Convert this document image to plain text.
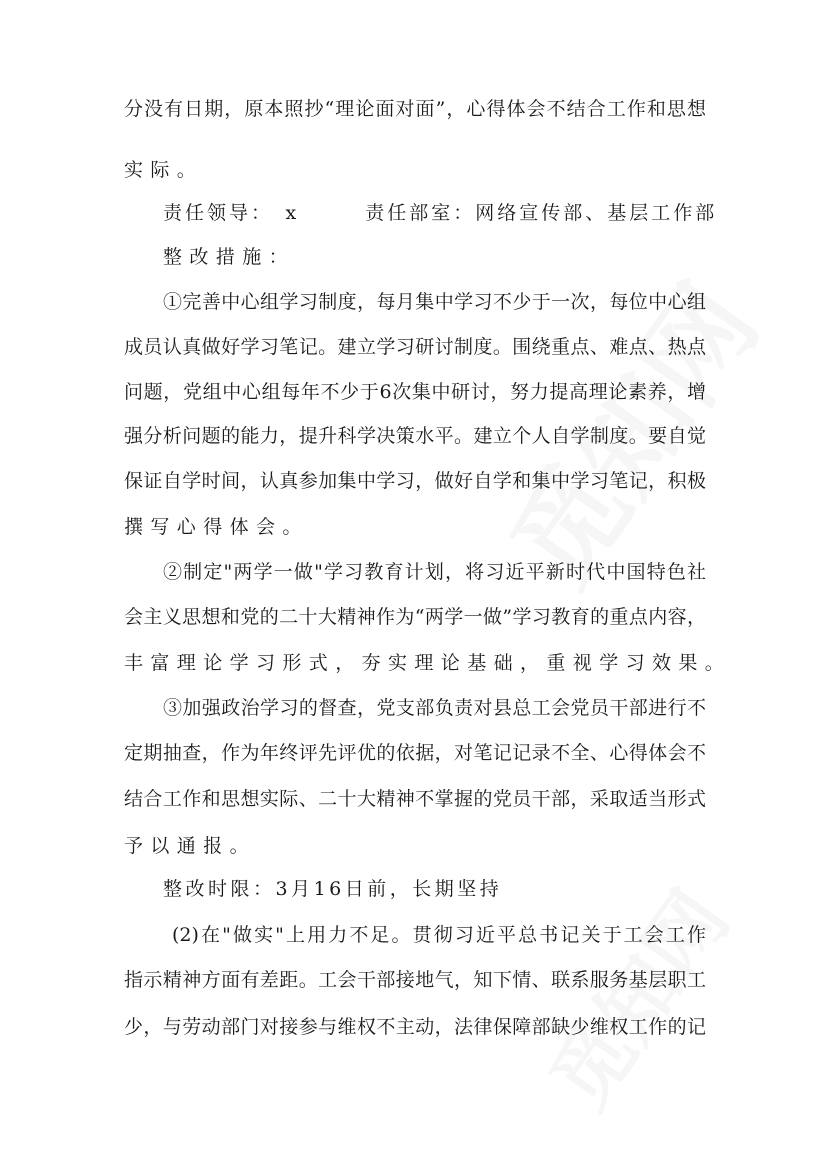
分没有日期，原本照抄“理论面对面”，心得体会不结合工作和思想
实际。
责任领导：　x　　　责任部室：网络宣传部、基层工作部
整改措施：
①完善中心组学习制度，每月集中学习不少于一次，每位中心组
成员认真做好学习笔记。建立学习研讨制度。围绕重点、难点、热点
问题，党组中心组每年不少于6次集中研讨，努力提高理论素养，增
强分析问题的能力，提升科学决策水平。建立个人自学制度。要自觉
保证自学时间，认真参加集中学习，做好自学和集中学习笔记，积极
撰写心得体会。
②制定"两学一做"学习教育计划，将习近平新时代中国特色社
会主义思想和党的二十大精神作为“两学一做”学习教育的重点内容，
丰富理论学习形式，夯实理论基础，重视学习效果。
③加强政治学习的督查，党支部负责对县总工会党员干部进行不
定期抽查，作为年终评先评优的依据，对笔记记录不全、心得体会不
结合工作和思想实际、二十大精神不掌握的党员干部，采取适当形式
予以通报。
整改时限：3月16日前，长期坚持
(2)在"做实"上用力不足。贯彻习近平总书记关于工会工作
指示精神方面有差距。工会干部接地气，知下情、联系服务基层职工
少，与劳动部门对接参与维权不主动，法律保障部缺少维权工作的记
